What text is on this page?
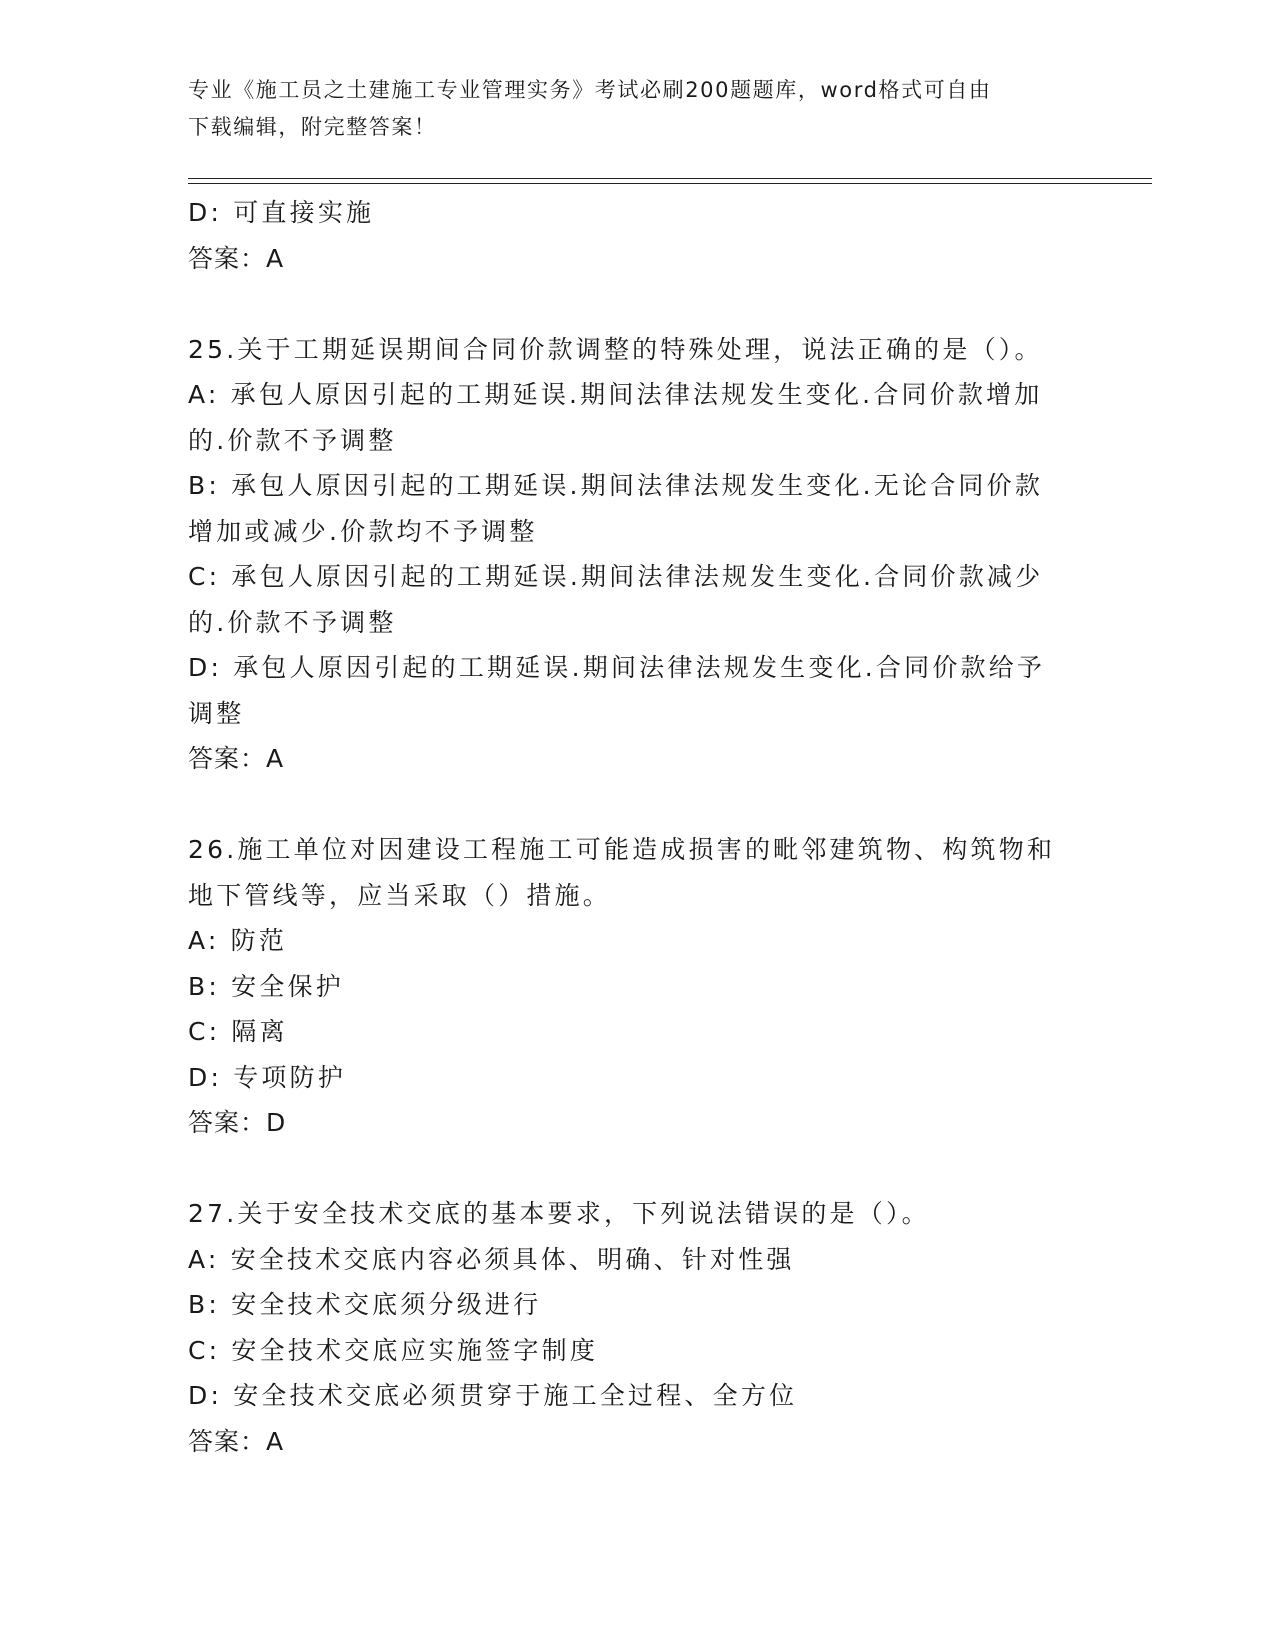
专业《施工员之土建施工专业管理实务》考试必刷200题题库，word格式可自由
下载编辑，附完整答案！
D: 可直接实施
答案：A
25.关于工期延误期间合同价款调整的特殊处理，说法正确的是（）。
A: 承包人原因引起的工期延误.期间法律法规发生变化.合同价款增加
的.价款不予调整
B: 承包人原因引起的工期延误.期间法律法规发生变化.无论合同价款
增加或减少.价款均不予调整
C: 承包人原因引起的工期延误.期间法律法规发生变化.合同价款减少
的.价款不予调整
D: 承包人原因引起的工期延误.期间法律法规发生变化.合同价款给予
调整
答案：A
26.施工单位对因建设工程施工可能造成损害的毗邻建筑物、构筑物和
地下管线等，应当采取（）措施。
A: 防范
B: 安全保护
C: 隔离
D: 专项防护
答案：D
27.关于安全技术交底的基本要求，下列说法错误的是（）。
A: 安全技术交底内容必须具体、明确、针对性强
B: 安全技术交底须分级进行
C: 安全技术交底应实施签字制度
D: 安全技术交底必须贯穿于施工全过程、全方位
答案：A
